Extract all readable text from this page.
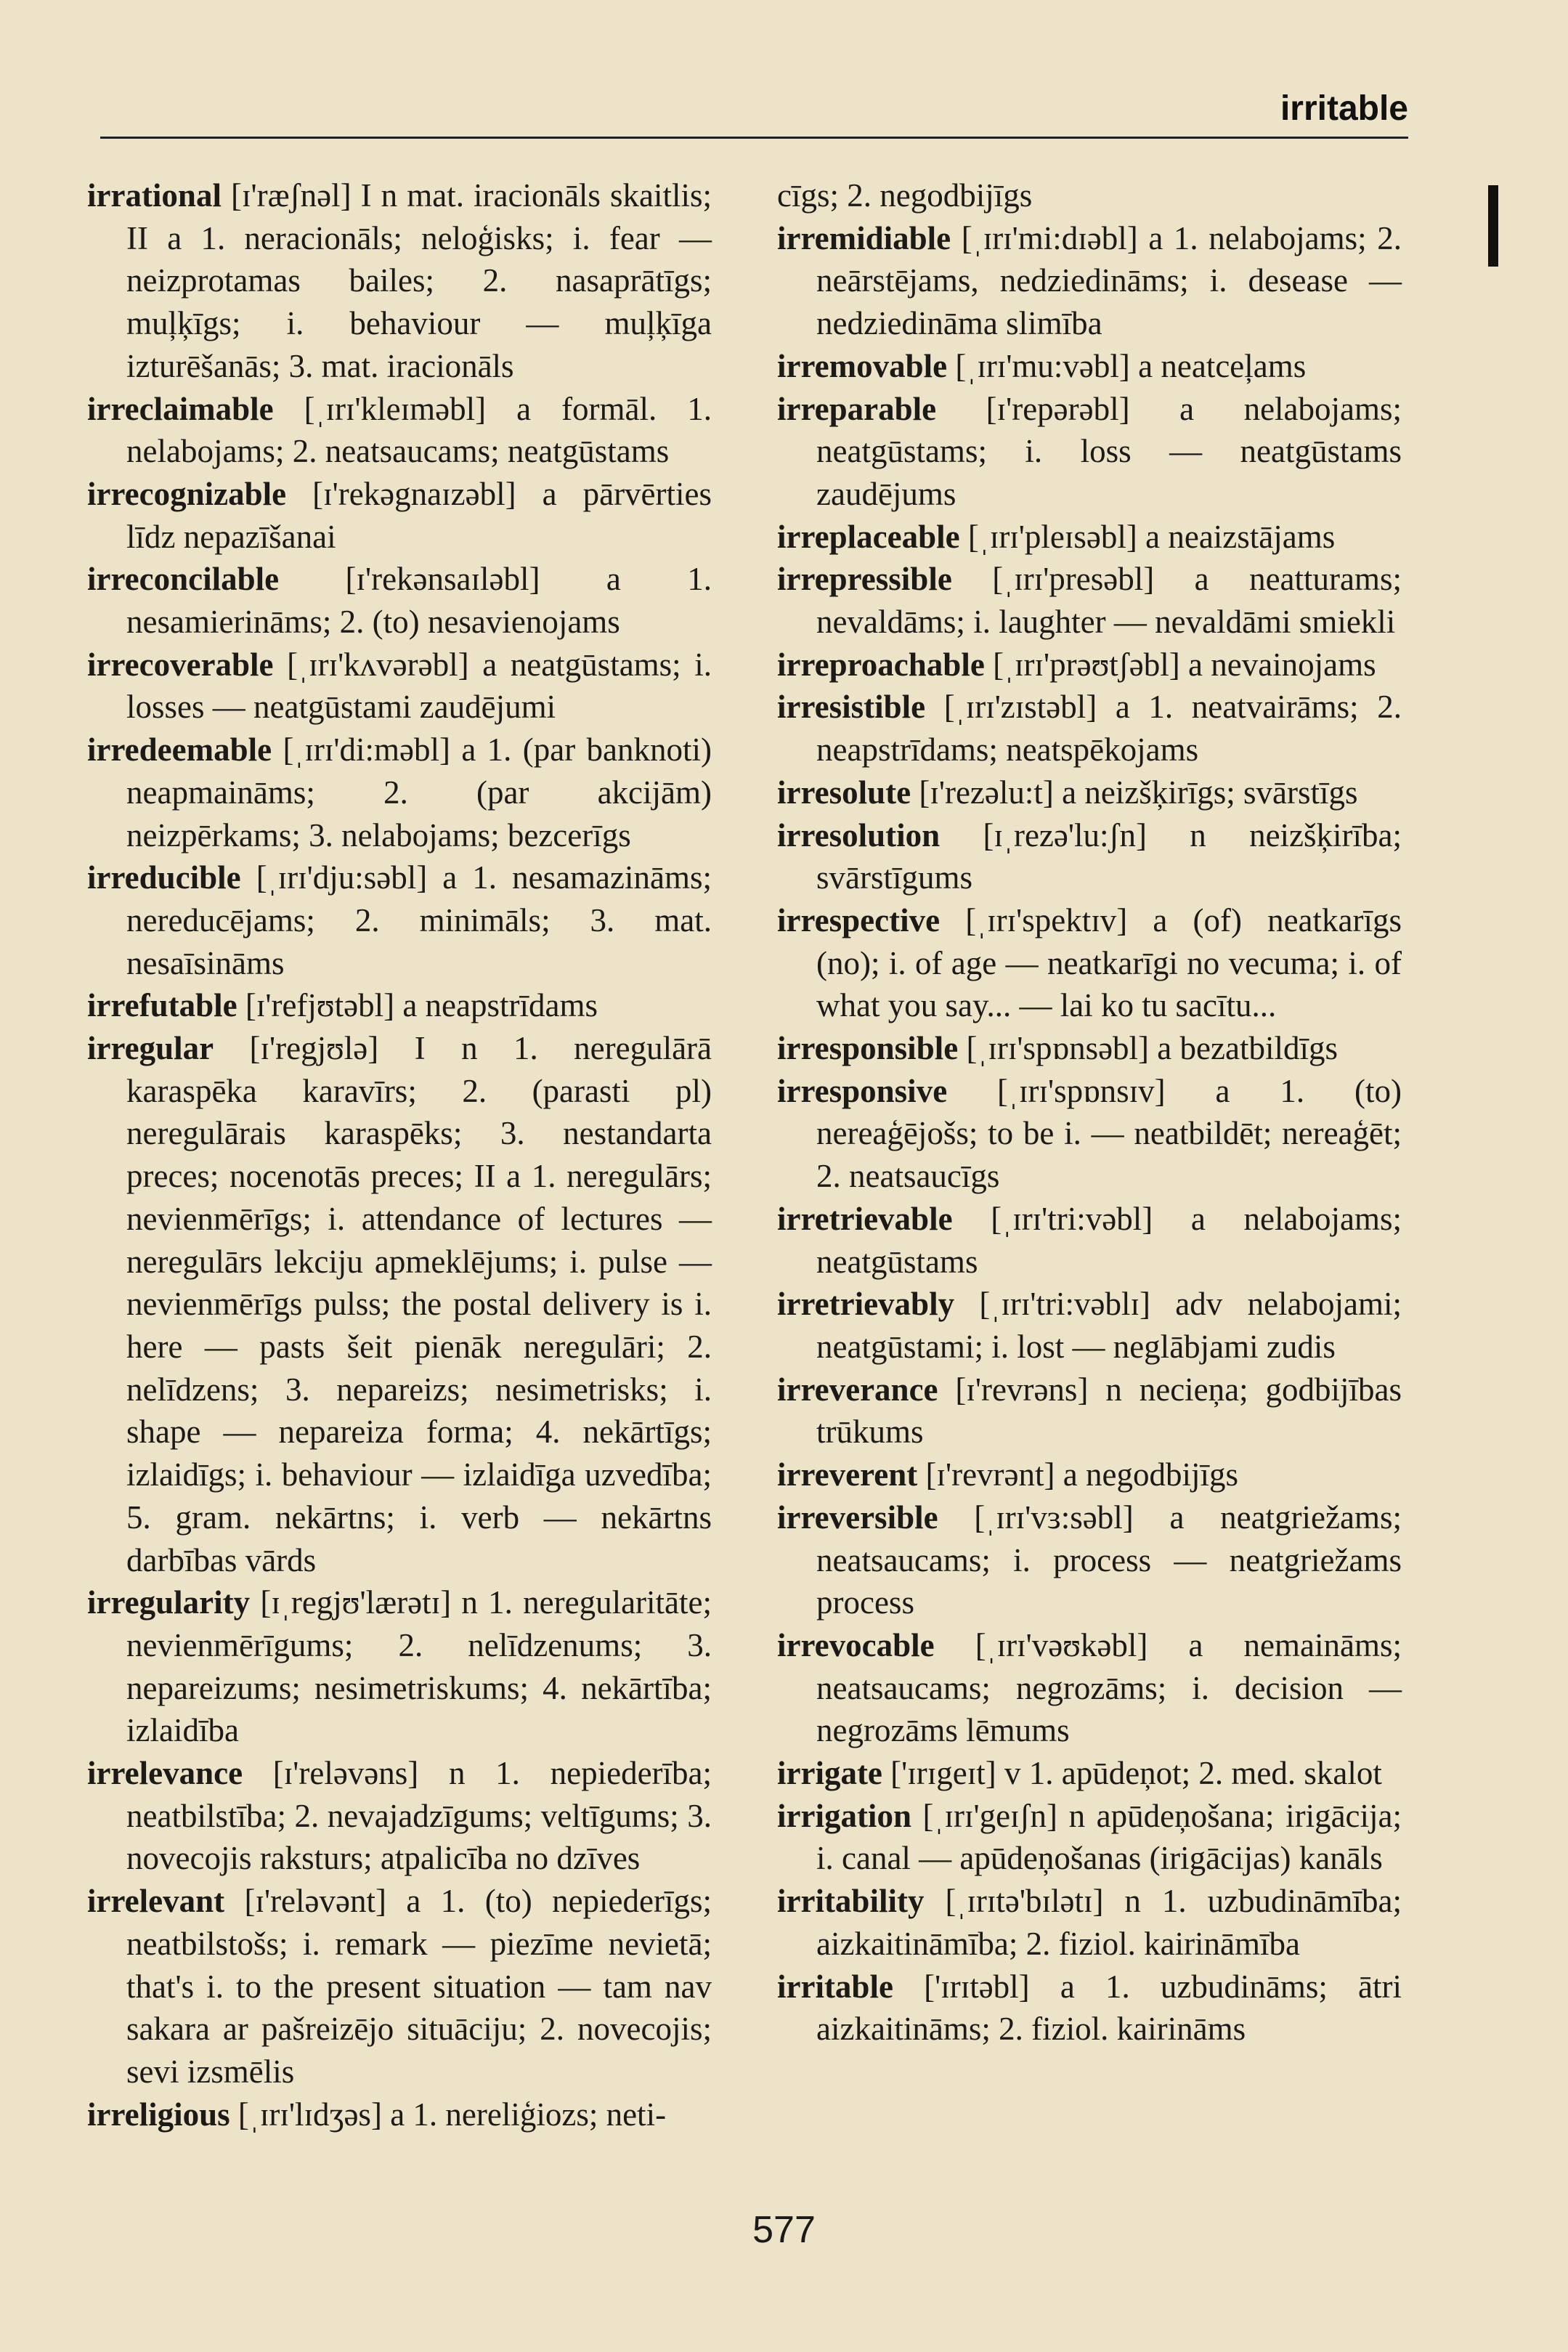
irritable
irrational [ɪ'ræʃnəl] I n mat. iracionāls skaitlis; II a 1. neracionāls; neloģisks; i. fear — neizprotamas bailes; 2. nasaprātīgs; muļķīgs; i. behaviour — muļķīga izturēšanās; 3. mat. iracionāls
irreclaimable [ˌɪrɪ'kleɪməbl] a formāl. 1. nelabojams; 2. neatsaucams; neatgūstams
irrecognizable [ɪ'rekəgnaɪzəbl] a pārvērties līdz nepazīšanai
irreconcilable [ɪ'rekənsaɪləbl] a 1. nesamierināms; 2. (to) nesavienojams
irrecoverable [ˌɪrɪ'kʌvərəbl] a neatgūstams; i. losses — neatgūstami zaudējumi
irredeemable [ˌɪrɪ'di:məbl] a 1. (par banknoti) neapmaināms; 2. (par akcijām) neizpērkams; 3. nelabojams; bezcerīgs
irreducible [ˌɪrɪ'dju:səbl] a 1. nesamazināms; nereducējams; 2. minimāls; 3. mat. nesaīsināms
irrefutable [ɪ'refjʊtəbl] a neapstrīdams
irregular [ɪ'regjʊlə] I n 1. neregulārā karaspēka karavīrs; 2. (parasti pl) neregulārais karaspēks; 3. nestandarta preces; nocenotās preces; II a 1. neregulārs; nevienmērīgs; i. attendance of lectures — neregulārs lekciju apmeklējums; i. pulse — nevienmērīgs pulss; the postal delivery is i. here — pasts šeit pienāk neregulāri; 2. nelīdzens; 3. nepareizs; nesimetrisks; i. shape — nepareiza forma; 4. nekārtīgs; izlaidīgs; i. behaviour — izlaidīga uzvedība; 5. gram. nekārtns; i. verb — nekārtns darbības vārds
irregularity [ɪˌregjʊ'lærətɪ] n 1. neregularitāte; nevienmērīgums; 2. nelīdzenums; 3. nepareizums; nesimetriskums; 4. nekārtība; izlaidība
irrelevance [ɪ'reləvəns] n 1. nepiederība; neatbilstība; 2. nevajadzīgums; veltīgums; 3. novecojis raksturs; atpalicība no dzīves
irrelevant [ɪ'reləvənt] a 1. (to) nepiederīgs; neatbilstošs; i. remark — piezīme nevietā; that's i. to the present situation — tam nav sakara ar pašreizējo situāciju; 2. novecojis; sevi izsmēlis
irreligious [ˌɪrɪ'lɪdʒəs] a 1. nereliģiozs; neti-
cīgs; 2. negodbijīgs
irremidiable [ˌɪrɪ'mi:dɪəbl] a 1. nelabojams; 2. neārstējams, nedziedināms; i. desease — nedziedināma slimība
irremovable [ˌɪrɪ'mu:vəbl] a neatceļams
irreparable [ɪ'repərəbl] a nelabojams; neatgūstams; i. loss — neatgūstams zaudējums
irreplaceable [ˌɪrɪ'pleɪsəbl] a neaizstājams
irrepressible [ˌɪrɪ'presəbl] a neatturams; nevaldāms; i. laughter — nevaldāmi smiekli
irreproachable [ˌɪrɪ'prəʊtʃəbl] a nevainojams
irresistible [ˌɪrɪ'zɪstəbl] a 1. neatvairāms; 2. neapstrīdams; neatspēkojams
irresolute [ɪ'rezəlu:t] a neizšķirīgs; svārstīgs
irresolution [ɪˌrezə'lu:ʃn] n neizšķirība; svārstīgums
irrespective [ˌɪrɪ'spektɪv] a (of) neatkarīgs (no); i. of age — neatkarīgi no vecuma; i. of what you say... — lai ko tu sacītu...
irresponsible [ˌɪrɪ'spɒnsəbl] a bezatbildīgs
irresponsive [ˌɪrɪ'spɒnsɪv] a 1. (to) nereaģējošs; to be i. — neatbildēt; nereaģēt; 2. neatsaucīgs
irretrievable [ˌɪrɪ'tri:vəbl] a nelabojams; neatgūstams
irretrievably [ˌɪrɪ'tri:vəblɪ] adv nelabojami; neatgūstami; i. lost — neglābjami zudis
irreverance [ɪ'revrəns] n necieņa; godbijības trūkums
irreverent [ɪ'revrənt] a negodbijīgs
irreversible [ˌɪrɪ'vɜ:səbl] a neatgriežams; neatsaucams; i. process — neatgriežams process
irrevocable [ˌɪrɪ'vəʊkəbl] a nemaināms; neatsaucams; negrozāms; i. decision — negrozāms lēmums
irrigate ['ɪrɪgeɪt] v 1. apūdeņot; 2. med. skalot
irrigation [ˌɪrɪ'geɪʃn] n apūdeņošana; irigācija; i. canal — apūdeņošanas (irigācijas) kanāls
irritability [ˌɪrɪtə'bɪlətɪ] n 1. uzbudināmība; aizkaitināmība; 2. fiziol. kairināmība
irritable ['ɪrɪtəbl] a 1. uzbudināms; ātri aizkaitināms; 2. fiziol. kairināms
577
